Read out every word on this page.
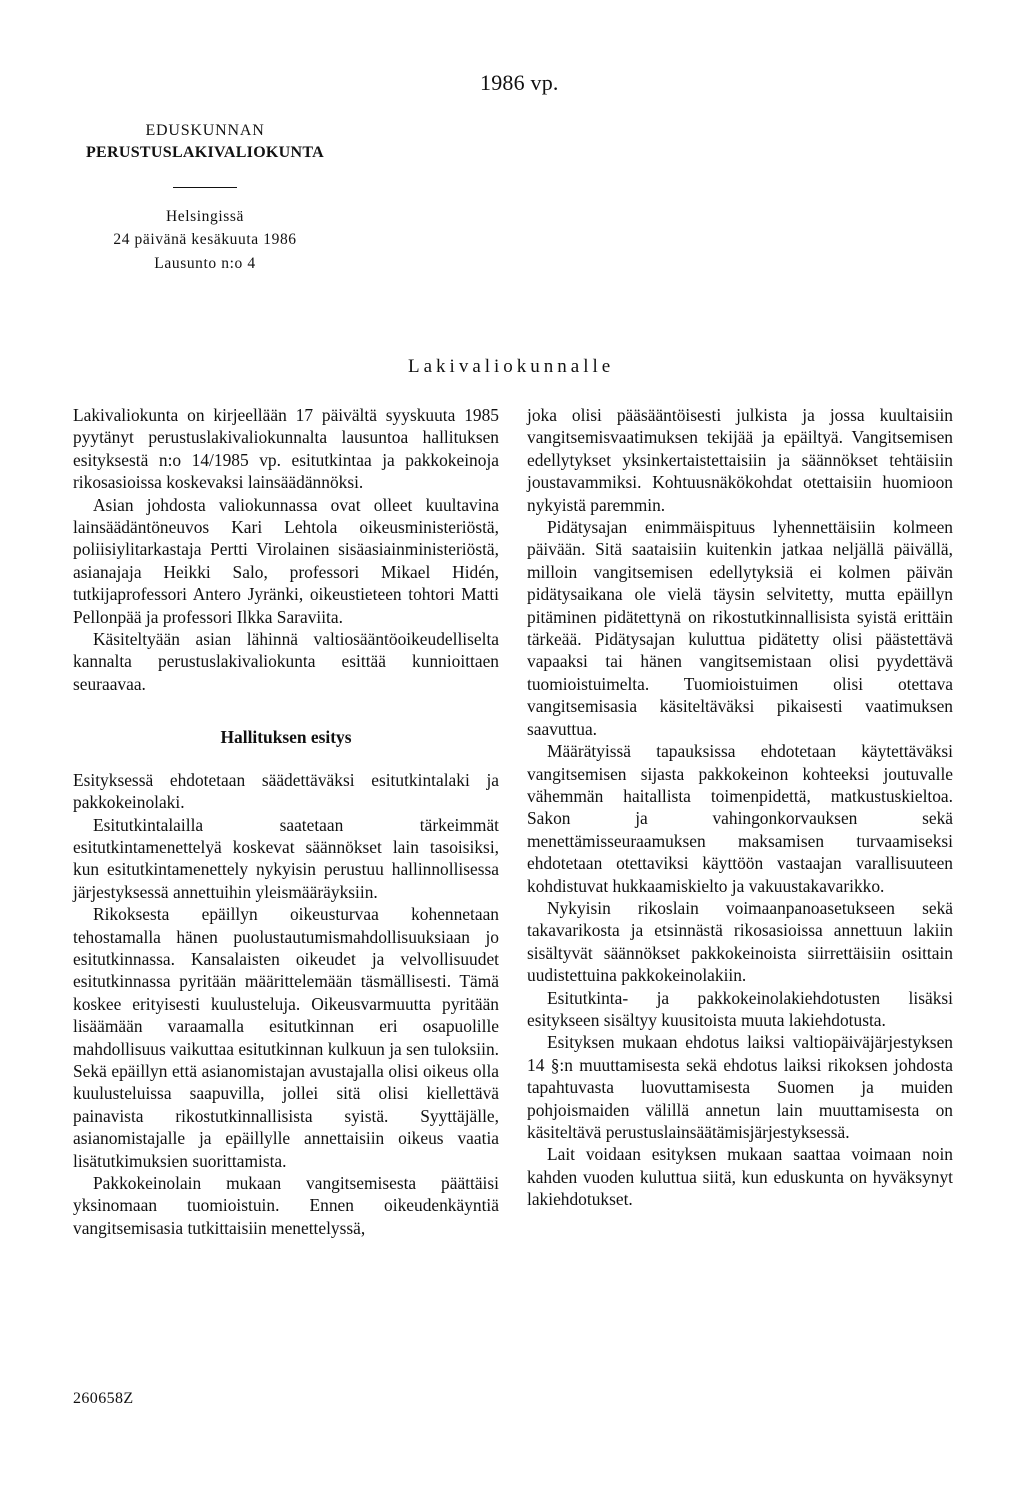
1986 vp.
EDUSKUNNAN
PERUSTUSLAKIVALIOKUNTA
Helsingissä
24 päivänä kesäkuuta 1986
Lausunto n:o 4
Lakivaliokunnalle

Lakivaliokunta on kirjeellään 17 päivältä syyskuuta 1985 pyytänyt perustuslakivaliokunnalta lausuntoa hallituksen esityksestä n:o 14/1985 vp. esitutkintaa ja pakkokeinoja rikosasioissa koskevaksi lainsäädännöksi.

Asian johdosta valiokunnassa ovat olleet kuultavina lainsäädäntöneuvos Kari Lehtola oikeusministeriöstä, poliisiylitarkastaja Pertti Virolainen sisäasiainministeriöstä, asianajaja Heikki Salo, professori Mikael Hidén, tutkijaprofessori Antero Jyränki, oikeustieteen tohtori Matti Pellonpää ja professori Ilkka Saraviita.

Käsiteltyään asian lähinnä valtiosääntöoikeudelliselta kannalta perustuslakivaliokunta esittää kunnioittaen seuraavaa.

Hallituksen esitys

Esityksessä ehdotetaan säädettäväksi esitutkintalaki ja pakkokeinolaki.

Esitutkintalailla saatetaan tärkeimmät esitutkintamenettelyä koskevat säännökset lain tasoisiksi, kun esitutkintamenettely nykyisin perustuu hallinnollisessa järjestyksessä annettuihin yleismääräyksiin.

Rikoksesta epäillyn oikeusturvaa kohennetaan tehostamalla hänen puolustautumismahdollisuuksiaan jo esitutkinnassa. Kansalaisten oikeudet ja velvollisuudet esitutkinnassa pyritään määrittelemään täsmällisesti. Tämä koskee erityisesti kuulusteluja. Oikeusvarmuutta pyritään lisäämään varaamalla esitutkinnan eri osapuolille mahdollisuus vaikuttaa esitutkinnan kulkuun ja sen tuloksiin. Sekä epäillyn että asianomistajan avustajalla olisi oikeus olla kuulusteluissa saapuvilla, jollei sitä olisi kiellettävä painavista rikostutkinnallisista syistä. Syyttäjälle, asianomistajalle ja epäillylle annettaisiin oikeus vaatia lisätutkimuksien suorittamista.

Pakkokeinolain mukaan vangitsemisesta päättäisi yksinomaan tuomioistuin. Ennen oikeudenkäyntiä vangitsemisasia tutkittaisiin menettelyssä,

joka olisi pääsääntöisesti julkista ja jossa kuultaisiin vangitsemisvaatimuksen tekijää ja epäiltyä. Vangitsemisen edellytykset yksinkertaistettaisiin ja säännökset tehtäisiin joustavammiksi. Kohtuusnäkökohdat otettaisiin huomioon nykyistä paremmin.

Pidätysajan enimmäispituus lyhennettäisiin kolmeen päivään. Sitä saataisiin kuitenkin jatkaa neljällä päivällä, milloin vangitsemisen edellytyksiä ei kolmen päivän pidätysaikana ole vielä täysin selvitetty, mutta epäillyn pitäminen pidätettynä on rikostutkinnallisista syistä erittäin tärkeää. Pidätysajan kuluttua pidätetty olisi päästettävä vapaaksi tai hänen vangitsemistaan olisi pyydettävä tuomioistuimelta. Tuomioistuimen olisi otettava vangitsemisasia käsiteltäväksi pikaisesti vaatimuksen saavuttua.

Määrätyissä tapauksissa ehdotetaan käytettäväksi vangitsemisen sijasta pakkokeinon kohteeksi joutuvalle vähemmän haitallista toimenpidettä, matkustuskieltoa. Sakon ja vahingonkorvauksen sekä menettämisseuraamuksen maksamisen turvaamiseksi ehdotetaan otettaviksi käyttöön vastaajan varallisuuteen kohdistuvat hukkaamiskielto ja vakuustakavarikko.

Nykyisin rikoslain voimaanpanoasetukseen sekä takavarikosta ja etsinnästä rikosasioissa annettuun lakiin sisältyvät säännökset pakkokeinoista siirrettäisiin osittain uudistettuina pakkokeinolakiin.

Esitutkinta- ja pakkokeinolakiehdotusten lisäksi esitykseen sisältyy kuusitoista muuta lakiehdotusta.

Esityksen mukaan ehdotus laiksi valtiopäiväjärjestyksen 14 §:n muuttamisesta sekä ehdotus laiksi rikoksen johdosta tapahtuvasta luovuttamisesta Suomen ja muiden pohjoismaiden välillä annetun lain muuttamisesta on käsiteltävä perustuslainsäätämisjärjestyksessä.

Lait voidaan esityksen mukaan saattaa voimaan noin kahden vuoden kuluttua siitä, kun eduskunta on hyväksynyt lakiehdotukset.

260658Z
